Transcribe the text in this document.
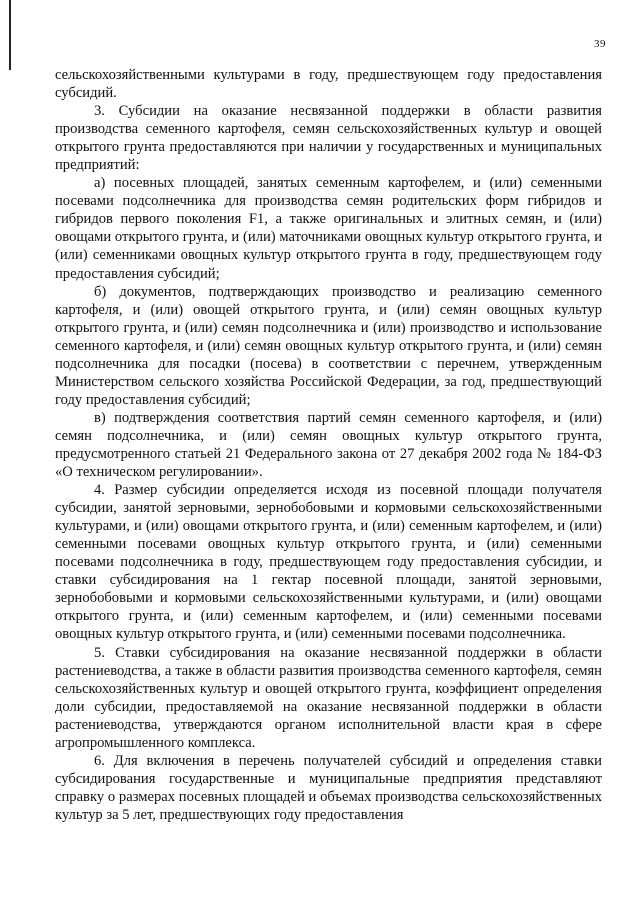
39

сельскохозяйственными культурами в году, предшествующем году предоставления субсидий.

3. Субсидии на оказание несвязанной поддержки в области развития производства семенного картофеля, семян сельскохозяйственных культур и овощей открытого грунта предоставляются при наличии у государственных и муниципальных предприятий:

а) посевных площадей, занятых семенным картофелем, и (или) семенными посевами подсолнечника для производства семян родительских форм гибридов и гибридов первого поколения F1, а также оригинальных и элитных семян, и (или) овощами открытого грунта, и (или) маточниками овощных культур открытого грунта, и (или) семенниками овощных культур открытого грунта в году, предшествующем году предоставления субсидий;

б) документов, подтверждающих производство и реализацию семенного картофеля, и (или) овощей открытого грунта, и (или) семян овощных культур открытого грунта, и (или) семян подсолнечника и (или) производство и использование семенного картофеля, и (или) семян овощных культур открытого грунта, и (или) семян подсолнечника для посадки (посева) в соответствии с перечнем, утвержденным Министерством сельского хозяйства Российской Федерации, за год, предшествующий году предоставления субсидий;

в) подтверждения соответствия партий семян семенного картофеля, и (или) семян подсолнечника, и (или) семян овощных культур открытого грунта, предусмотренного статьей 21 Федерального закона от 27 декабря 2002 года № 184-ФЗ «О техническом регулировании».

4. Размер субсидии определяется исходя из посевной площади получателя субсидии, занятой зерновыми, зернобобовыми и кормовыми сельскохозяйственными культурами, и (или) овощами открытого грунта, и (или) семенным картофелем, и (или) семенными посевами овощных культур открытого грунта, и (или) семенными посевами подсолнечника в году, предшествующем году предоставления субсидии, и ставки субсидирования на 1 гектар посевной площади, занятой зерновыми, зернобобовыми и кормовыми сельскохозяйственными культурами, и (или) овощами открытого грунта, и (или) семенным картофелем, и (или) семенными посевами овощных культур открытого грунта, и (или) семенными посевами подсолнечника.

5. Ставки субсидирования на оказание несвязанной поддержки в области растениеводства, а также в области развития производства семенного картофеля, семян сельскохозяйственных культур и овощей открытого грунта, коэффициент определения доли субсидии, предоставляемой на оказание несвязанной поддержки в области растениеводства, утверждаются органом исполнительной власти края в сфере агропромышленного комплекса.

6. Для включения в перечень получателей субсидий и определения ставки субсидирования государственные и муниципальные предприятия представляют справку о размерах посевных площадей и объемах производства сельскохозяйственных культур за 5 лет, предшествующих году предоставления
